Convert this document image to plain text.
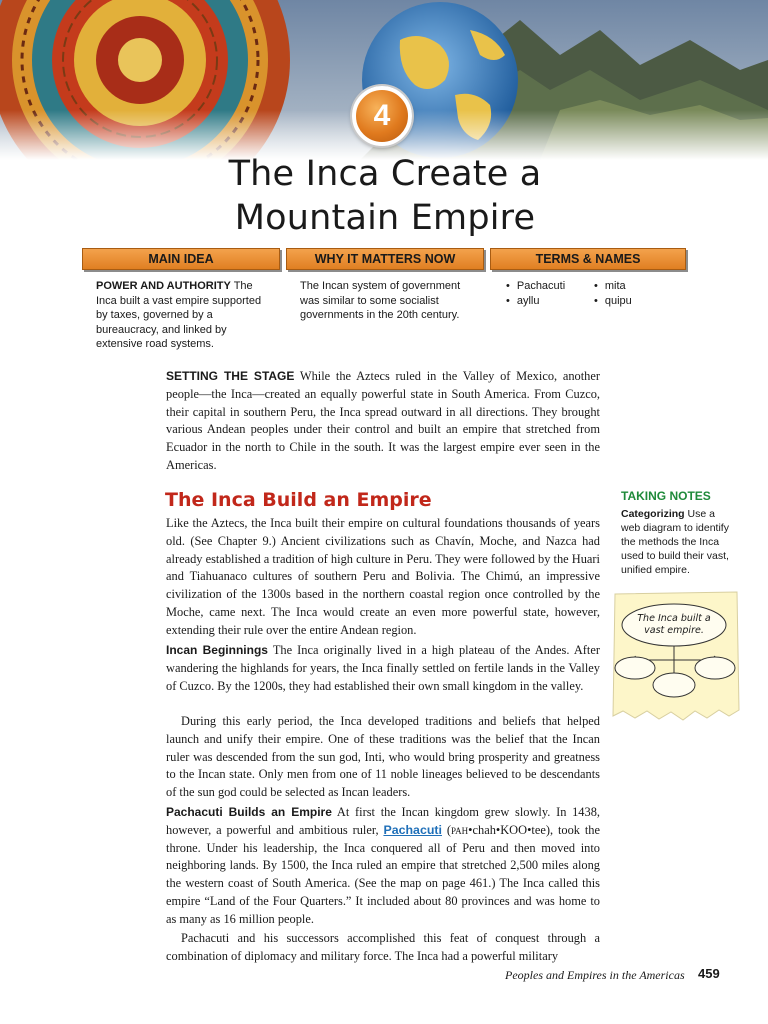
4
The Inca Create a
Mountain Empire
MAIN IDEA	WHY IT MATTERS NOW	TERMS & NAMES
POWER AND AUTHORITY The Inca built a vast empire supported by taxes, governed by a bureaucracy, and linked by extensive road systems.
The Incan system of government was similar to some socialist governments in the 20th century.
• Pachacuti
• ayllu
• mita
• quipu

SETTING THE STAGE While the Aztecs ruled in the Valley of Mexico, another people—the Inca—created an equally powerful state in South America. From Cuzco, their capital in southern Peru, the Inca spread outward in all directions. They brought various Andean peoples under their control and built an empire that stretched from Ecuador in the north to Chile in the south. It was the largest empire ever seen in the Americas.

The Inca Build an Empire

Like the Aztecs, the Inca built their empire on cultural foundations thousands of years old. (See Chapter 9.) Ancient civilizations such as Chavín, Moche, and Nazca had already established a tradition of high culture in Peru. They were followed by the Huari and Tiahuanaco cultures of southern Peru and Bolivia. The Chimú, an impressive civilization of the 1300s based in the northern coastal region once controlled by the Moche, came next. The Inca would create an even more powerful state, however, extending their rule over the entire Andean region.

Incan Beginnings The Inca originally lived in a high plateau of the Andes. After wandering the highlands for years, the Inca finally settled on fertile lands in the Valley of Cuzco. By the 1200s, they had established their own small kingdom in the valley.

During this early period, the Inca developed traditions and beliefs that helped launch and unify their empire. One of these traditions was the belief that the Incan ruler was descended from the sun god, Inti, who would bring prosperity and greatness to the Incan state. Only men from one of 11 noble lineages believed to be descendants of the sun god could be selected as Incan leaders.

Pachacuti Builds an Empire At first the Incan kingdom grew slowly. In 1438, however, a powerful and ambitious ruler, Pachacuti (pah•chah•KOO•tee), took the throne. Under his leadership, the Inca conquered all of Peru and then moved into neighboring lands. By 1500, the Inca ruled an empire that stretched 2,500 miles along the western coast of South America. (See the map on page 461.) The Inca called this empire “Land of the Four Quarters.” It included about 80 provinces and was home to as many as 16 million people.

Pachacuti and his successors accomplished this feat of conquest through a combination of diplomacy and military force. The Inca had a powerful military

TAKING NOTES
Categorizing Use a web diagram to identify the methods the Inca used to build their vast, unified empire.
The Inca built a vast empire.
Peoples and Empires in the Americas 459
